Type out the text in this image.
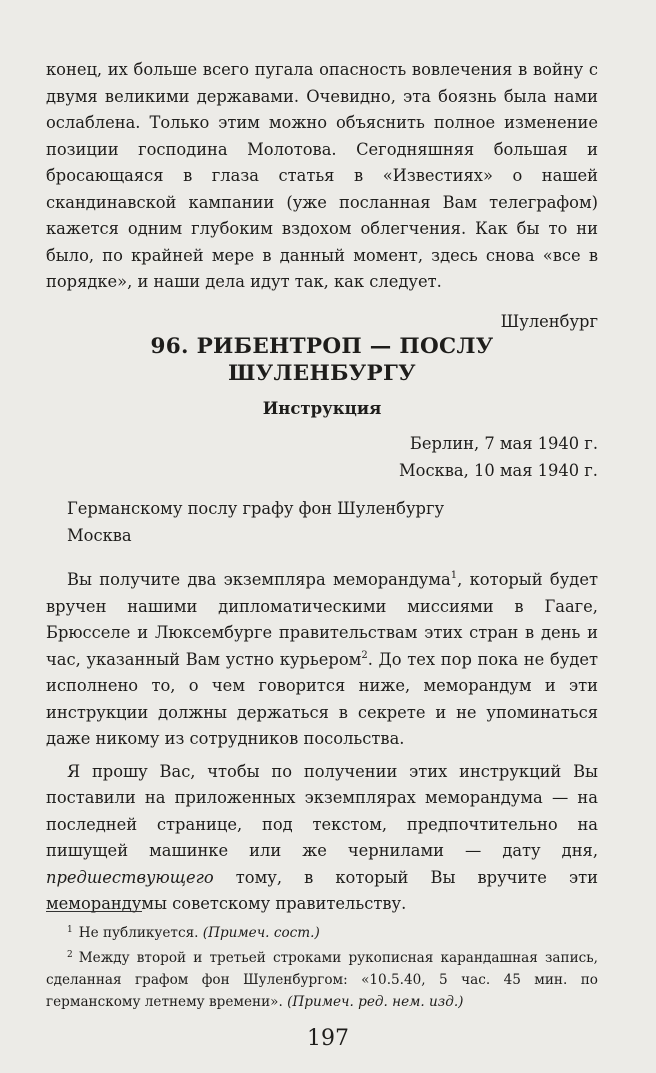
конец, их больше всего пугала опасность вовлечения в войну с двумя великими державами. Очевидно, эта боязнь была нами ослаблена. Только этим можно объяснить полное изменение позиции господина Молотова. Сегодняшняя большая и бросающаяся в глаза статья в «Известиях» о нашей скандинавской кампании (уже посланная Вам телеграфом) кажется одним глубоким вздохом облегчения. Как бы то ни было, по крайней мере в данный момент, здесь снова «все в порядке», и наши дела идут так, как следует.

Шуленбург

96. РИБЕНТРОП — ПОСЛУ

ШУЛЕНБУРГУ

Инструкция

Берлин, 7 мая 1940 г.

Москва, 10 мая 1940 г.

Германскому послу графу фон Шуленбургу

Москва

Вы получите два экземпляра меморандума$^1$, который будет вручен нашими дипломатическими миссиями в Гааге, Брюсселе и Люксембурге правительствам этих стран в день и час, указанный Вам устно курьером$^2$. До тех пор пока не будет исполнено то, о чем говорится ниже, меморандум и эти инструкции должны держаться в секрете и не упоминаться даже никому из сотрудников посольства.

Я прошу Вас, чтобы по получении этих инструкций Вы поставили на приложенных экземплярах меморандума — на последней странице, под текстом, предпочтительно на пишущей машинке или же чернилами — дату дня, предшествующего тому, в который Вы вручите эти меморандумы советскому правительству.

$^1$ Не публикуется. (Примеч. сост.)

$^2$ Между второй и третьей строками рукописная карандашная запись, сделанная графом фон Шуленбургом: «10.5.40, 5 час. 45 мин. по германскому летнему времени». (Примеч. ред. нем. изд.)

197
